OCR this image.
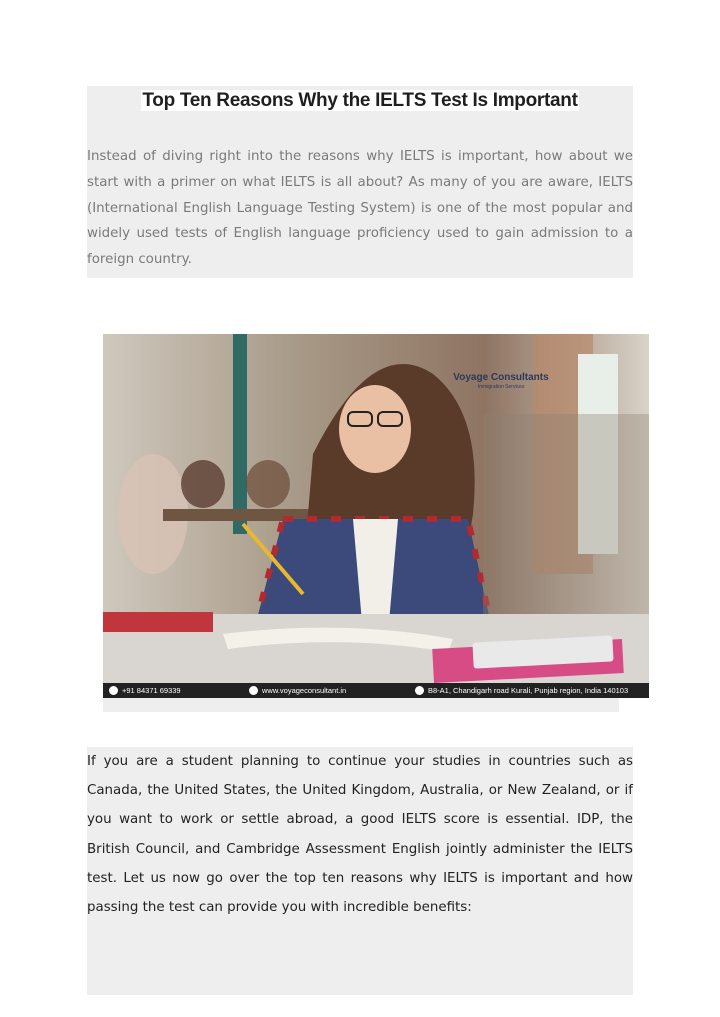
Top Ten Reasons Why the IELTS Test Is Important

Instead of diving right into the reasons why IELTS is important, how about we start with a primer on what IELTS is all about? As many of you are aware, IELTS (International English Language Testing System) is one of the most popular and widely used tests of English language proficiency used to gain admission to a foreign country.

Voyage Consultants
Immigration Services
+91 84371 69339	www.voyageconsultant.in	B8-A1, Chandigarh road Kurali, Punjab region, India 140103

If you are a student planning to continue your studies in countries such as Canada, the United States, the United Kingdom, Australia, or New Zealand, or if you want to work or settle abroad, a good IELTS score is essential. IDP, the British Council, and Cambridge Assessment English jointly administer the IELTS test. Let us now go over the top ten reasons why IELTS is important and how passing the test can provide you with incredible benefits:
